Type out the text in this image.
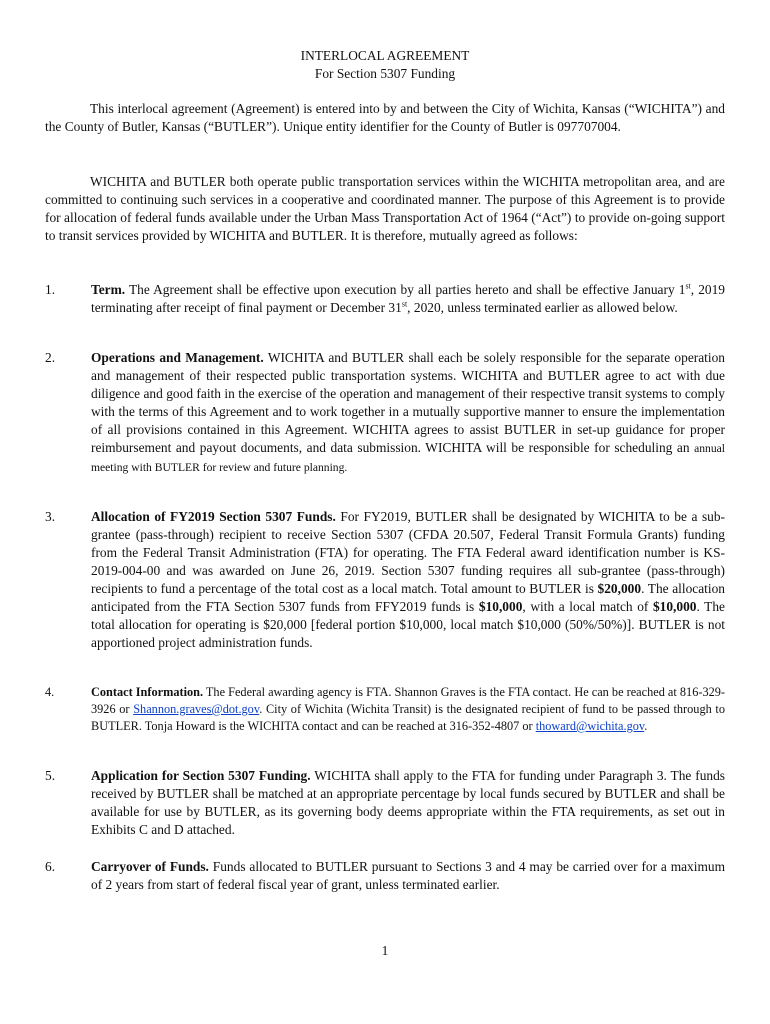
INTERLOCAL AGREEMENT
For Section 5307 Funding
This interlocal agreement (Agreement) is entered into by and between the City of Wichita, Kansas (“WICHITA”) and the County of Butler, Kansas (“BUTLER”). Unique entity identifier for the County of Butler is 097707004.
WICHITA and BUTLER both operate public transportation services within the WICHITA metropolitan area, and are committed to continuing such services in a cooperative and coordinated manner. The purpose of this Agreement is to provide for allocation of federal funds available under the Urban Mass Transportation Act of 1964 (“Act”) to provide on-going support to transit services provided by WICHITA and BUTLER. It is therefore, mutually agreed as follows:
1.	Term. The Agreement shall be effective upon execution by all parties hereto and shall be effective January 1st, 2019 terminating after receipt of final payment or December 31st, 2020, unless terminated earlier as allowed below.
2.	Operations and Management. WICHITA and BUTLER shall each be solely responsible for the separate operation and management of their respected public transportation systems. WICHITA and BUTLER agree to act with due diligence and good faith in the exercise of the operation and management of their respective transit systems to comply with the terms of this Agreement and to work together in a mutually supportive manner to ensure the implementation of all provisions contained in this Agreement. WICHITA agrees to assist BUTLER in set-up guidance for proper reimbursement and payout documents, and data submission. WICHITA will be responsible for scheduling an annual meeting with BUTLER for review and future planning.
3.	Allocation of FY2019 Section 5307 Funds. For FY2019, BUTLER shall be designated by WICHITA to be a sub-grantee (pass-through) recipient to receive Section 5307 (CFDA 20.507, Federal Transit Formula Grants) funding from the Federal Transit Administration (FTA) for operating. The FTA Federal award identification number is KS-2019-004-00 and was awarded on June 26, 2019. Section 5307 funding requires all sub-grantee (pass-through) recipients to fund a percentage of the total cost as a local match. Total amount to BUTLER is $20,000. The allocation anticipated from the FTA Section 5307 funds from FFY2019 funds is $10,000, with a local match of $10,000. The total allocation for operating is $20,000 [federal portion $10,000, local match $10,000 (50%/50%)]. BUTLER is not apportioned project administration funds.
4.	Contact Information. The Federal awarding agency is FTA. Shannon Graves is the FTA contact. He can be reached at 816-329-3926 or Shannon.graves@dot.gov. City of Wichita (Wichita Transit) is the designated recipient of fund to be passed through to BUTLER. Tonja Howard is the WICHITA contact and can be reached at 316-352-4807 or thoward@wichita.gov.
5.	Application for Section 5307 Funding. WICHITA shall apply to the FTA for funding under Paragraph 3. The funds received by BUTLER shall be matched at an appropriate percentage by local funds secured by BUTLER and shall be available for use by BUTLER, as its governing body deems appropriate within the FTA requirements, as set out in Exhibits C and D attached.
6.	Carryover of Funds. Funds allocated to BUTLER pursuant to Sections 3 and 4 may be carried over for a maximum of 2 years from start of federal fiscal year of grant, unless terminated earlier.
1
